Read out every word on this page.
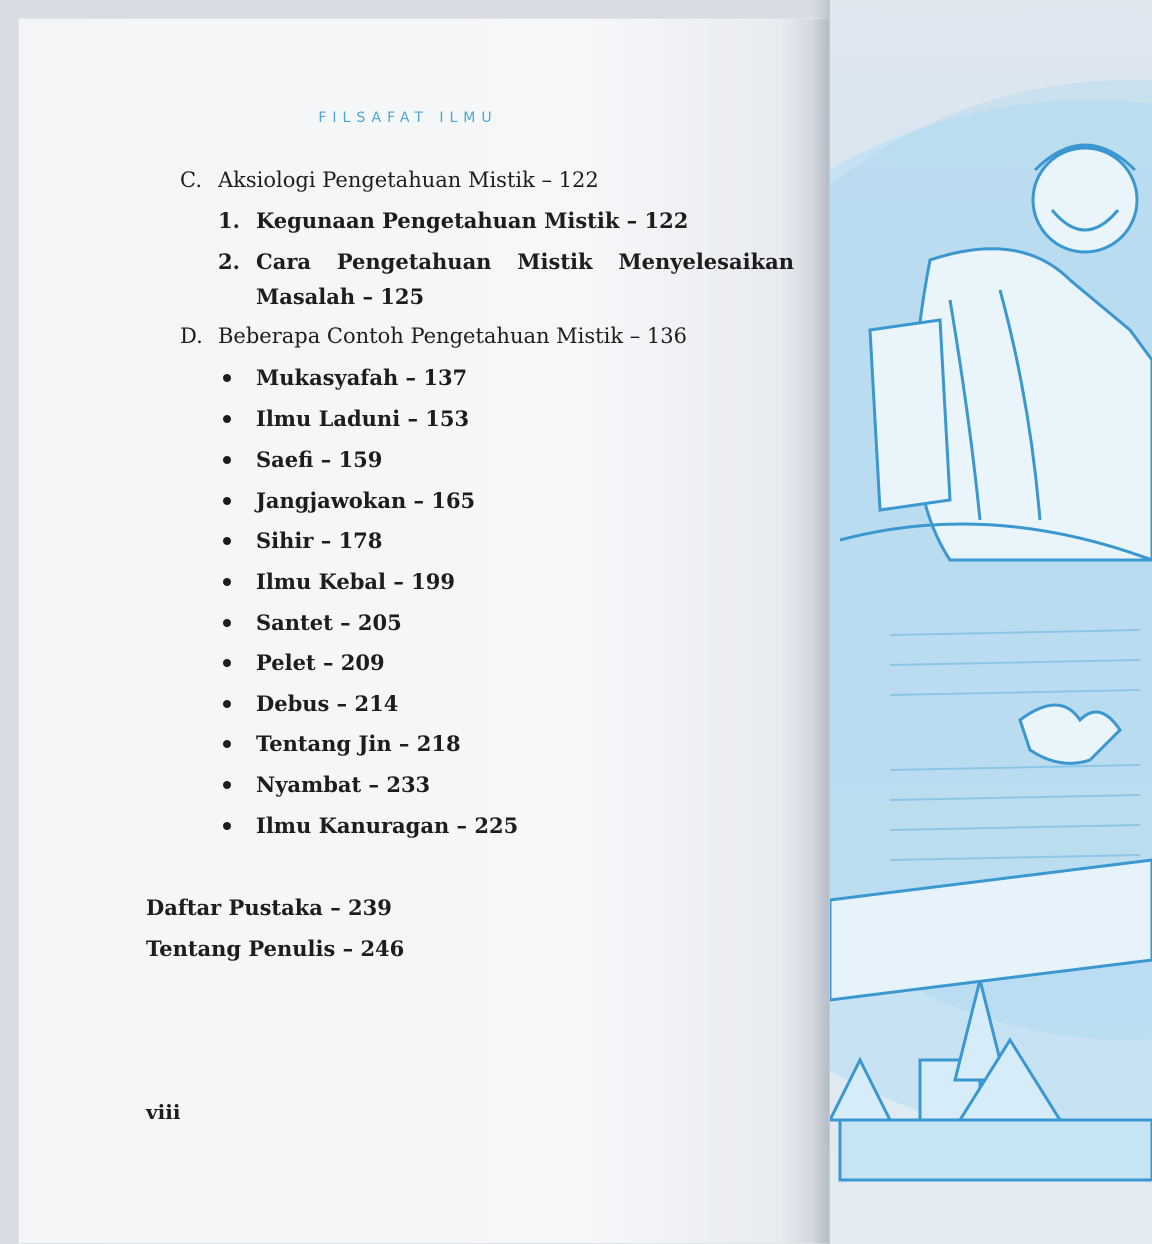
FILSAFAT ILMU
C. Aksiologi Pengetahuan Mistik – 122
1. Kegunaan Pengetahuan Mistik – 122
2. Cara Pengetahuan Mistik Menyelesaikan
Masalah – 125
D. Beberapa Contoh Pengetahuan Mistik – 136
Mukasyafah – 137
Ilmu Laduni – 153
Saefi – 159
Jangjawokan – 165
Sihir – 178
Ilmu Kebal – 199
Santet – 205
Pelet – 209
Debus – 214
Tentang Jin – 218
Nyambat – 233
Ilmu Kanuragan – 225
Daftar Pustaka – 239
Tentang Penulis – 246
viii
